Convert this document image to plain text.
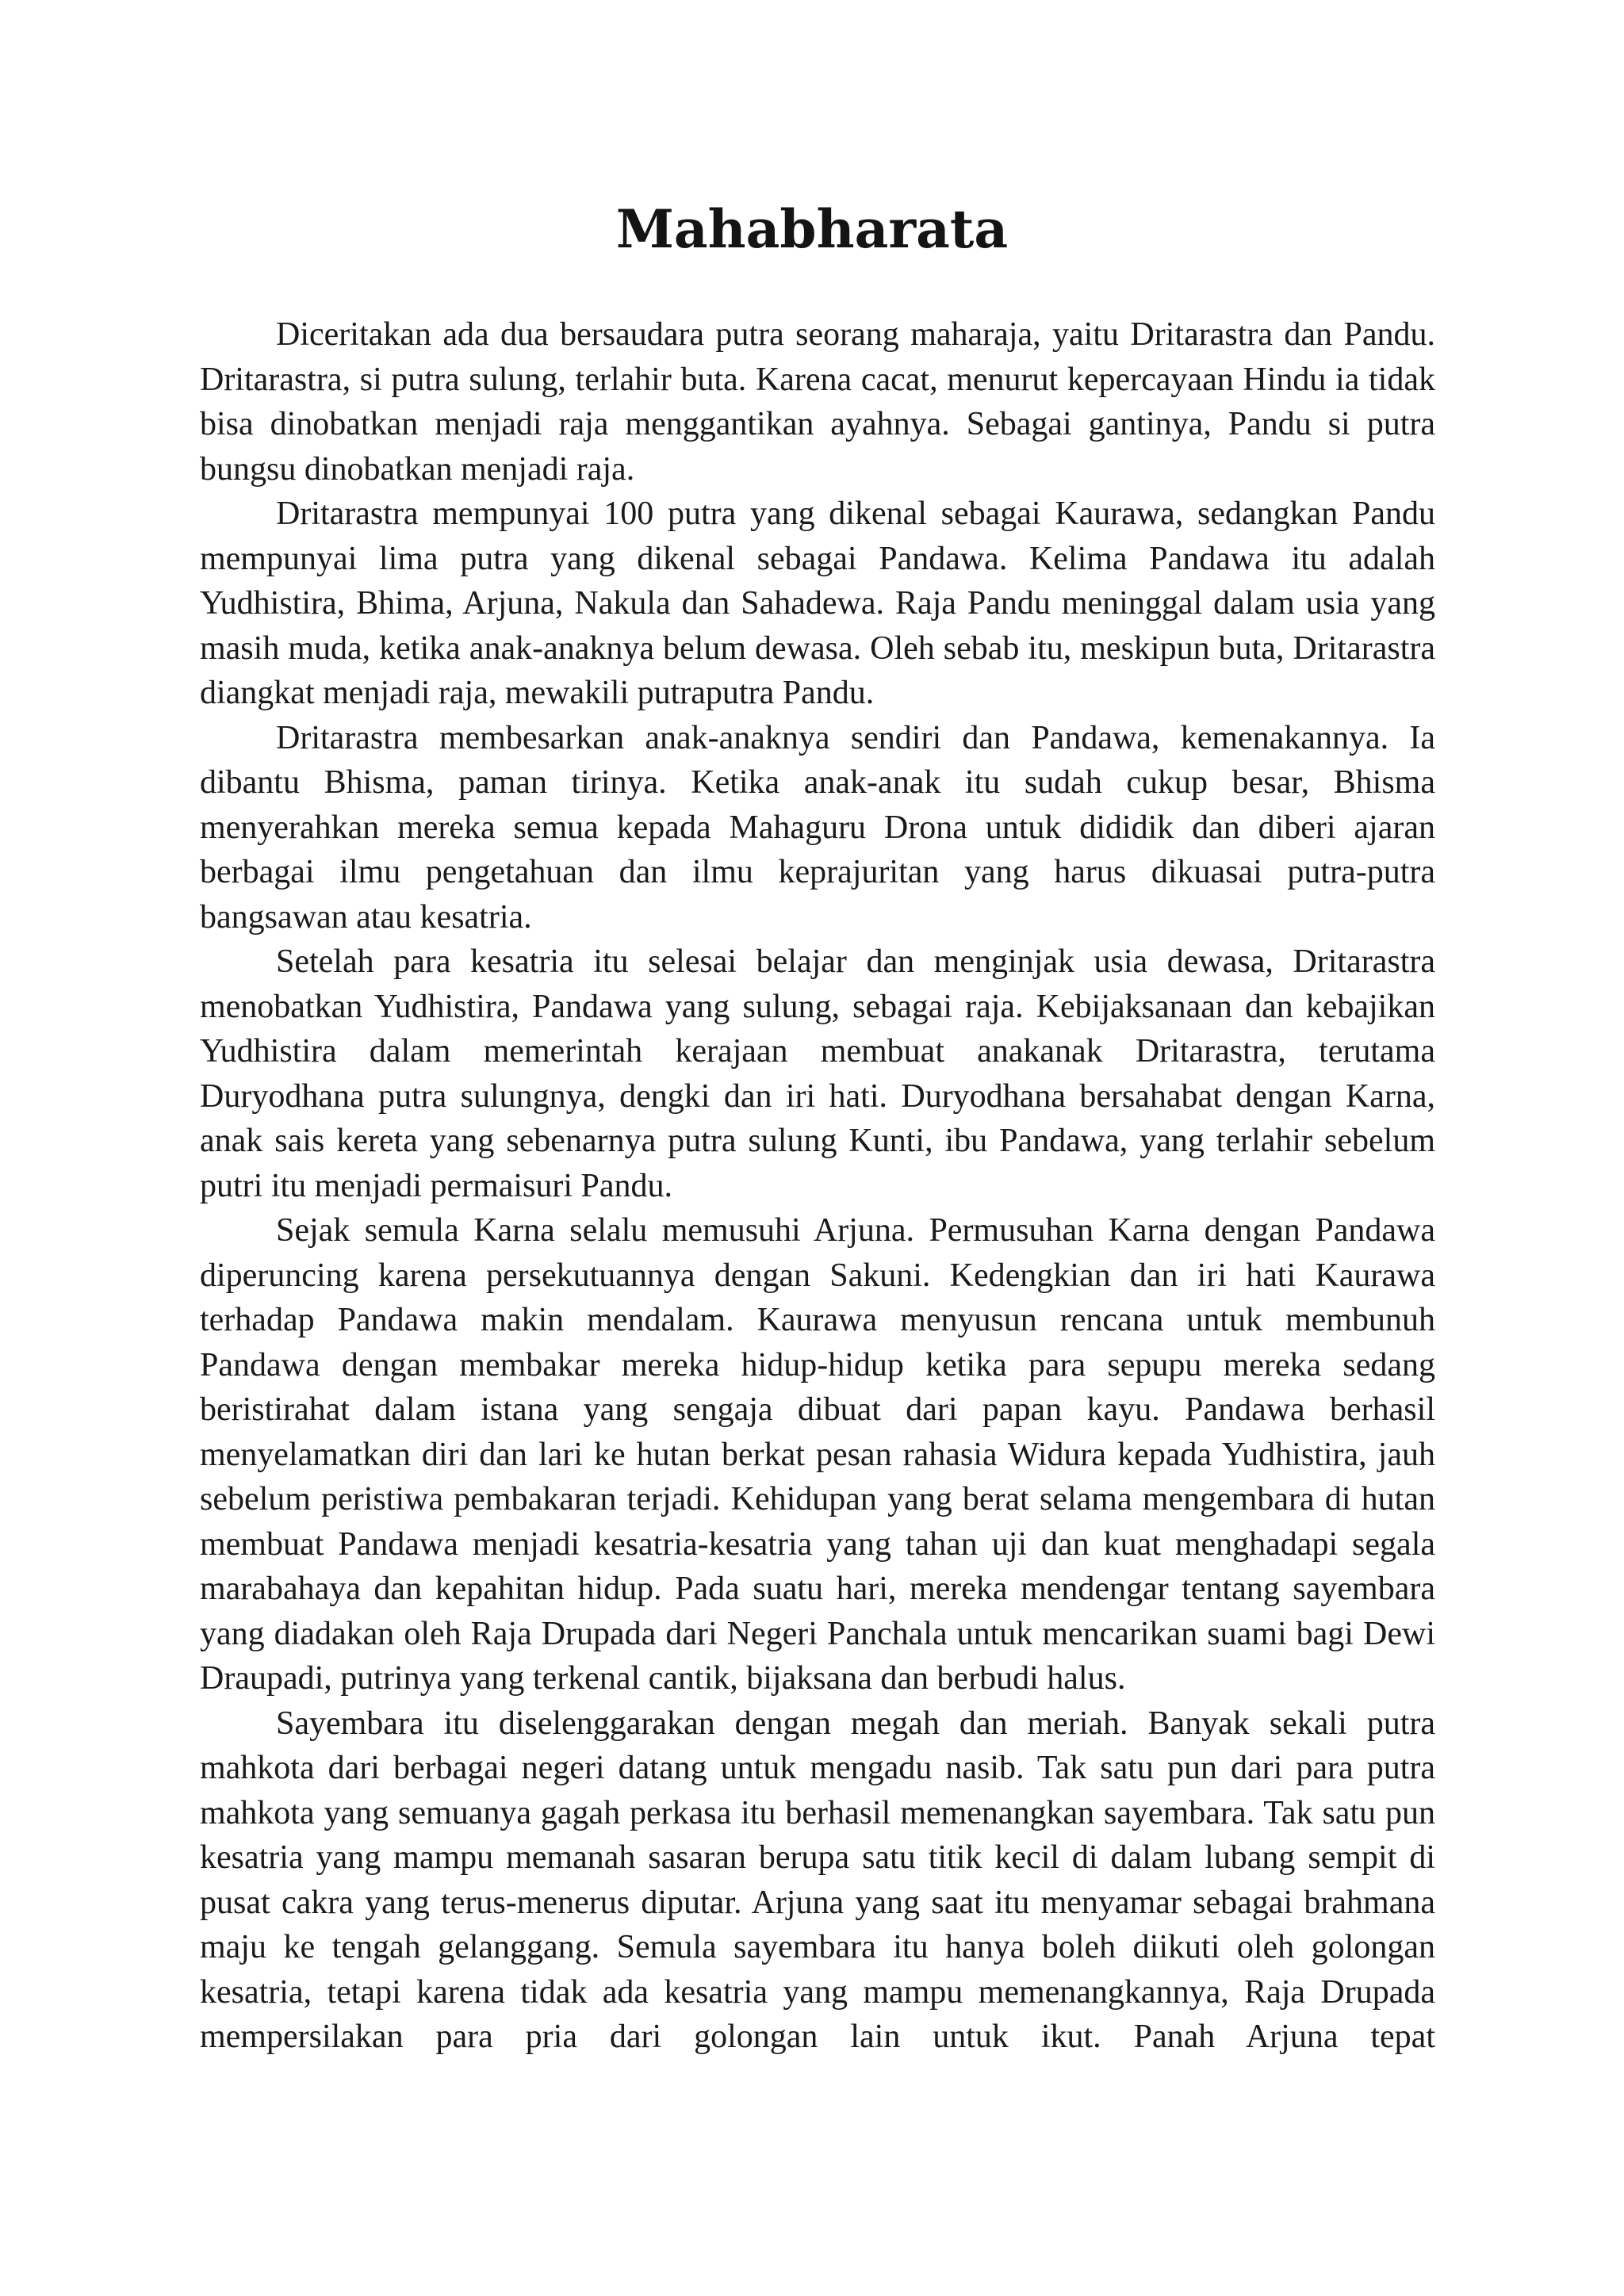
Mahabharata

Diceritakan ada dua bersaudara putra seorang maharaja, yaitu Dritarastra dan Pandu. Dritarastra, si putra sulung, terlahir buta. Karena cacat, menurut kepercayaan Hindu ia tidak bisa dinobatkan menjadi raja menggantikan ayahnya. Sebagai gantinya, Pandu si putra bungsu dinobatkan menjadi raja.

Dritarastra mempunyai 100 putra yang dikenal sebagai Kaurawa, sedangkan Pandu mempunyai lima putra yang dikenal sebagai Pandawa. Kelima Pandawa itu adalah Yudhistira, Bhima, Arjuna, Nakula dan Sahadewa. Raja Pandu meninggal dalam usia yang masih muda, ketika anak-anaknya belum dewasa. Oleh sebab itu, meskipun buta, Dritarastra diangkat menjadi raja, mewakili putraputra Pandu.

Dritarastra membesarkan anak-anaknya sendiri dan Pandawa, kemenakannya. Ia dibantu Bhisma, paman tirinya. Ketika anak-anak itu sudah cukup besar, Bhisma menyerahkan mereka semua kepada Mahaguru Drona untuk dididik dan diberi ajaran berbagai ilmu pengetahuan dan ilmu keprajuritan yang harus dikuasai putra-putra bangsawan atau kesatria.

Setelah para kesatria itu selesai belajar dan menginjak usia dewasa, Dritarastra menobatkan Yudhistira, Pandawa yang sulung, sebagai raja. Kebijaksanaan dan kebajikan Yudhistira dalam memerintah kerajaan membuat anakanak Dritarastra, terutama Duryodhana putra sulungnya, dengki dan iri hati. Duryodhana bersahabat dengan Karna, anak sais kereta yang sebenarnya putra sulung Kunti, ibu Pandawa, yang terlahir sebelum putri itu menjadi permaisuri Pandu.

Sejak semula Karna selalu memusuhi Arjuna. Permusuhan Karna dengan Pandawa diperuncing karena persekutuannya dengan Sakuni. Kedengkian dan iri hati Kaurawa terhadap Pandawa makin mendalam. Kaurawa menyusun rencana untuk membunuh Pandawa dengan membakar mereka hidup-hidup ketika para sepupu mereka sedang beristirahat dalam istana yang sengaja dibuat dari papan kayu. Pandawa berhasil menyelamatkan diri dan lari ke hutan berkat pesan rahasia Widura kepada Yudhistira, jauh sebelum peristiwa pembakaran terjadi. Kehidupan yang berat selama mengembara di hutan membuat Pandawa menjadi kesatria-kesatria yang tahan uji dan kuat menghadapi segala marabahaya dan kepahitan hidup. Pada suatu hari, mereka mendengar tentang sayembara yang diadakan oleh Raja Drupada dari Negeri Panchala untuk mencarikan suami bagi Dewi Draupadi, putrinya yang terkenal cantik, bijaksana dan berbudi halus.

Sayembara itu diselenggarakan dengan megah dan meriah. Banyak sekali putra mahkota dari berbagai negeri datang untuk mengadu nasib. Tak satu pun dari para putra mahkota yang semuanya gagah perkasa itu berhasil memenangkan sayembara. Tak satu pun kesatria yang mampu memanah sasaran berupa satu titik kecil di dalam lubang sempit di pusat cakra yang terus-menerus diputar. Arjuna yang saat itu menyamar sebagai brahmana maju ke tengah gelanggang. Semula sayembara itu hanya boleh diikuti oleh golongan kesatria, tetapi karena tidak ada kesatria yang mampu memenangkannya, Raja Drupada mempersilakan para pria dari golongan lain untuk ikut. Panah Arjuna tepat
